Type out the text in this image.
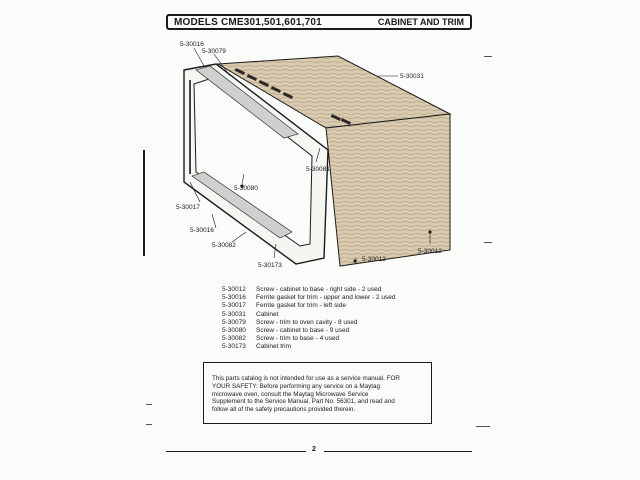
MODELS CME301,501,601,701	CABINET AND TRIM
5-30016
5-30079
5-30031
5-30081
5-30080
5-30017
5-30016
5-30082
5-30173
5-30012
5-30012
5-30012	Screw - cabinet to base - right side - 2 used
5-30016	Ferrite gasket for trim - upper and lower - 2 used
5-30017	Ferrite gasket for trim - left side
5-30031	Cabinet
5-30079	Screw - trim to oven cavity - 8 used
5-30080	Screw - cabinet to base - 9 used
5-30082	Screw - trim to base - 4 used
5-30173	Cabinet trim
This parts catalog is not intended for use as a service manual. FOR
YOUR SAFETY: Before performing any service on a Maytag
microwave oven, consult the Maytag Microwave Service
Supplement to the Service Manual, Part No. 56301, and read and
follow all of the safety precautions provided therein.
2
